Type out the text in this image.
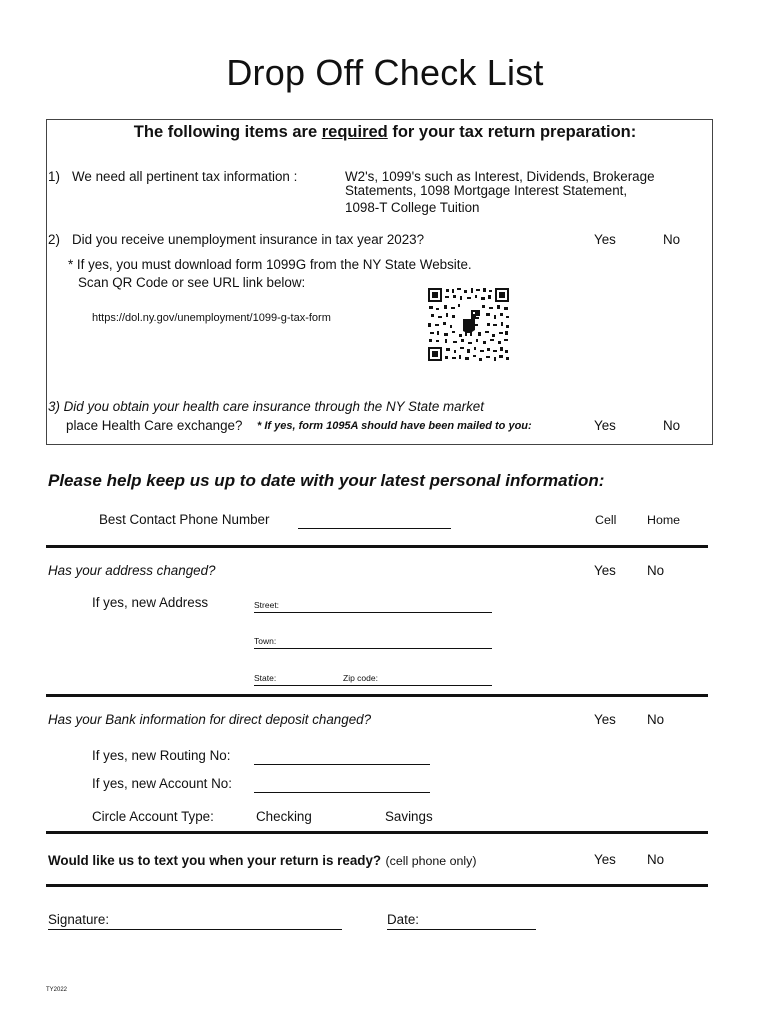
Drop Off Check List
The following items are required for your tax return preparation:
1) We need all pertinent tax information :	W2's, 1099's such as Interest, Dividends, Brokerage
Statements, 1098 Mortgage Interest Statement,
1098-T College Tuition
2) Did you receive unemployment insurance in tax year 2023?	Yes	No
* If yes, you must download form 1099G from the NY State Website.
Scan QR Code or see URL link below:
https://dol.ny.gov/unemployment/1099-g-tax-form
3) Did you obtain your health care insurance through the NY State market
place Health Care exchange? * If yes, form 1095A should have been mailed to you:	Yes	No
Please help keep us up to date with your latest personal information:
Best Contact Phone Number	Cell Home
Has your address changed?	Yes No
If yes, new Address	Street:
Town:
State:	Zip code:
Has your Bank information for direct deposit changed?	Yes No
If yes, new Routing No:
If yes, new Account No:
Circle Account Type:	Checking	Savings
Would like us to text you when your return is ready? (cell phone only)	Yes No
Signature:	Date:
TY2022
